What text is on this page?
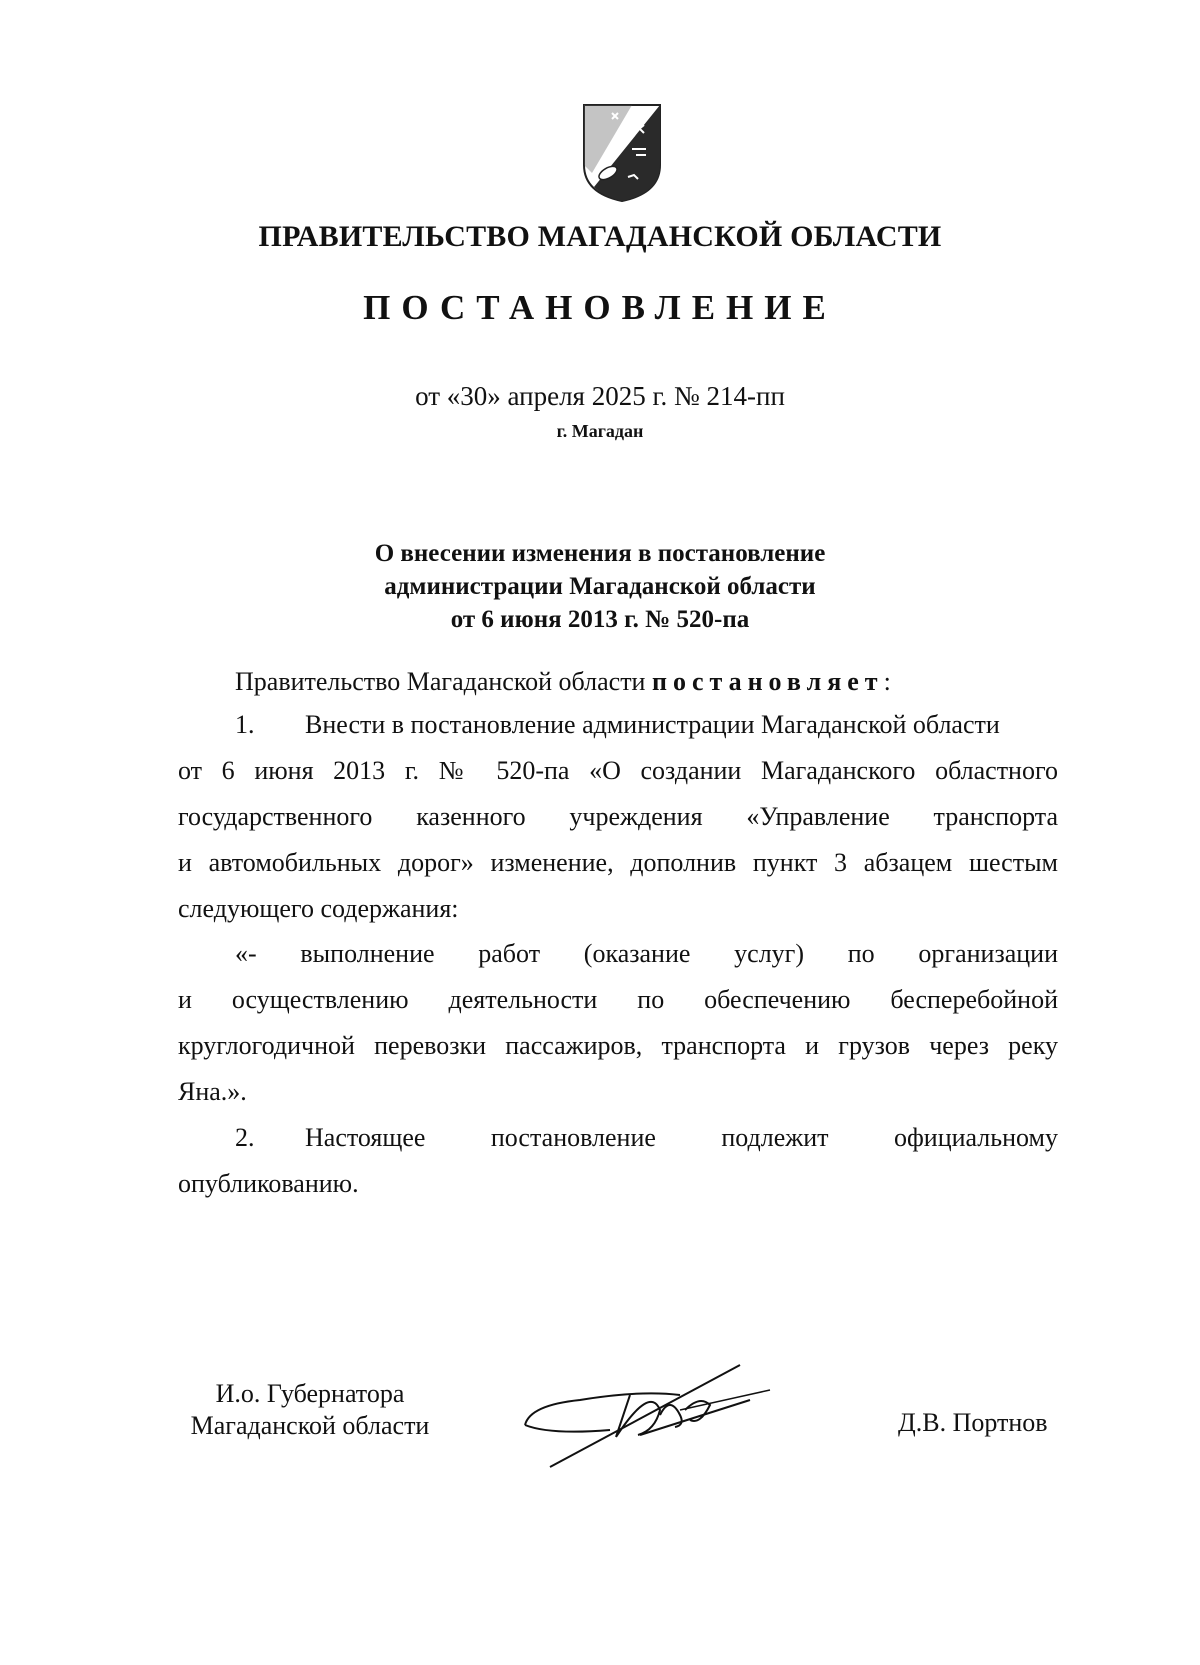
ПРАВИТЕЛЬСТВО МАГАДАНСКОЙ ОБЛАСТИ
ПОСТАНОВЛЕНИЕ
от «30» апреля 2025 г. № 214-пп
г. Магадан
О внесении изменения в постановление
администрации Магаданской области
от 6 июня 2013 г. № 520-па
Правительство Магаданской области постановляет:
1. Внести в постановление администрации Магаданской области
от 6 июня 2013 г. № 520-па «О создании Магаданского областного
государственного казенного учреждения «Управление транспорта
и автомобильных дорог» изменение, дополнив пункт 3 абзацем шестым
следующего содержания:
«- выполнение работ (оказание услуг) по организации
и осуществлению деятельности по обеспечению бесперебойной
круглогодичной перевозки пассажиров, транспорта и грузов через реку
Яна.».
2. Настоящее постановление подлежит официальному
опубликованию.
И.о. Губернатора
Магаданской области	Д.В. Портнов
